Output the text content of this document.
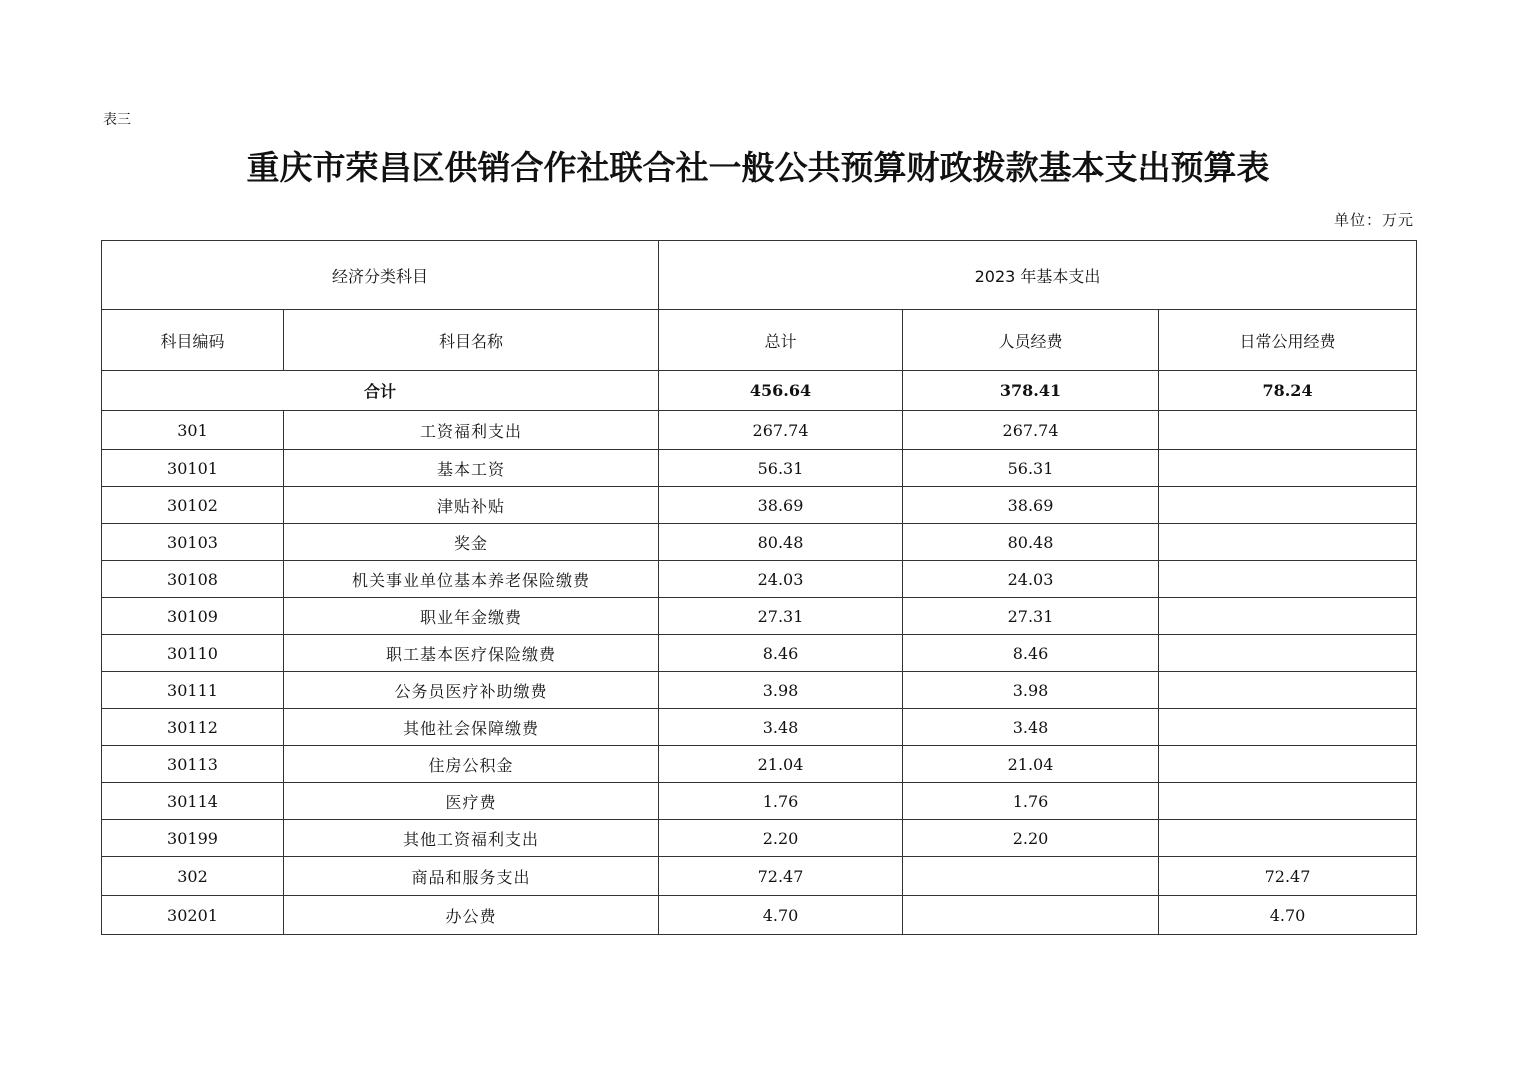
表三
重庆市荣昌区供销合作社联合社一般公共预算财政拨款基本支出预算表
单位：万元
经济分类科目		2023 年基本支出		
科目编码	科目名称	总计	人员经费	日常公用经费
合计		456.64	378.41	78.24
301	工资福利支出	267.74	267.74	
30101	基本工资	56.31	56.31	
30102	津贴补贴	38.69	38.69	
30103	奖金	80.48	80.48	
30108	机关事业单位基本养老保险缴费	24.03	24.03	
30109	职业年金缴费	27.31	27.31	
30110	职工基本医疗保险缴费	8.46	8.46	
30111	公务员医疗补助缴费	3.98	3.98	
30112	其他社会保障缴费	3.48	3.48	
30113	住房公积金	21.04	21.04	
30114	医疗费	1.76	1.76	
30199	其他工资福利支出	2.20	2.20	
302	商品和服务支出	72.47		72.47
30201	办公费	4.70		4.70
